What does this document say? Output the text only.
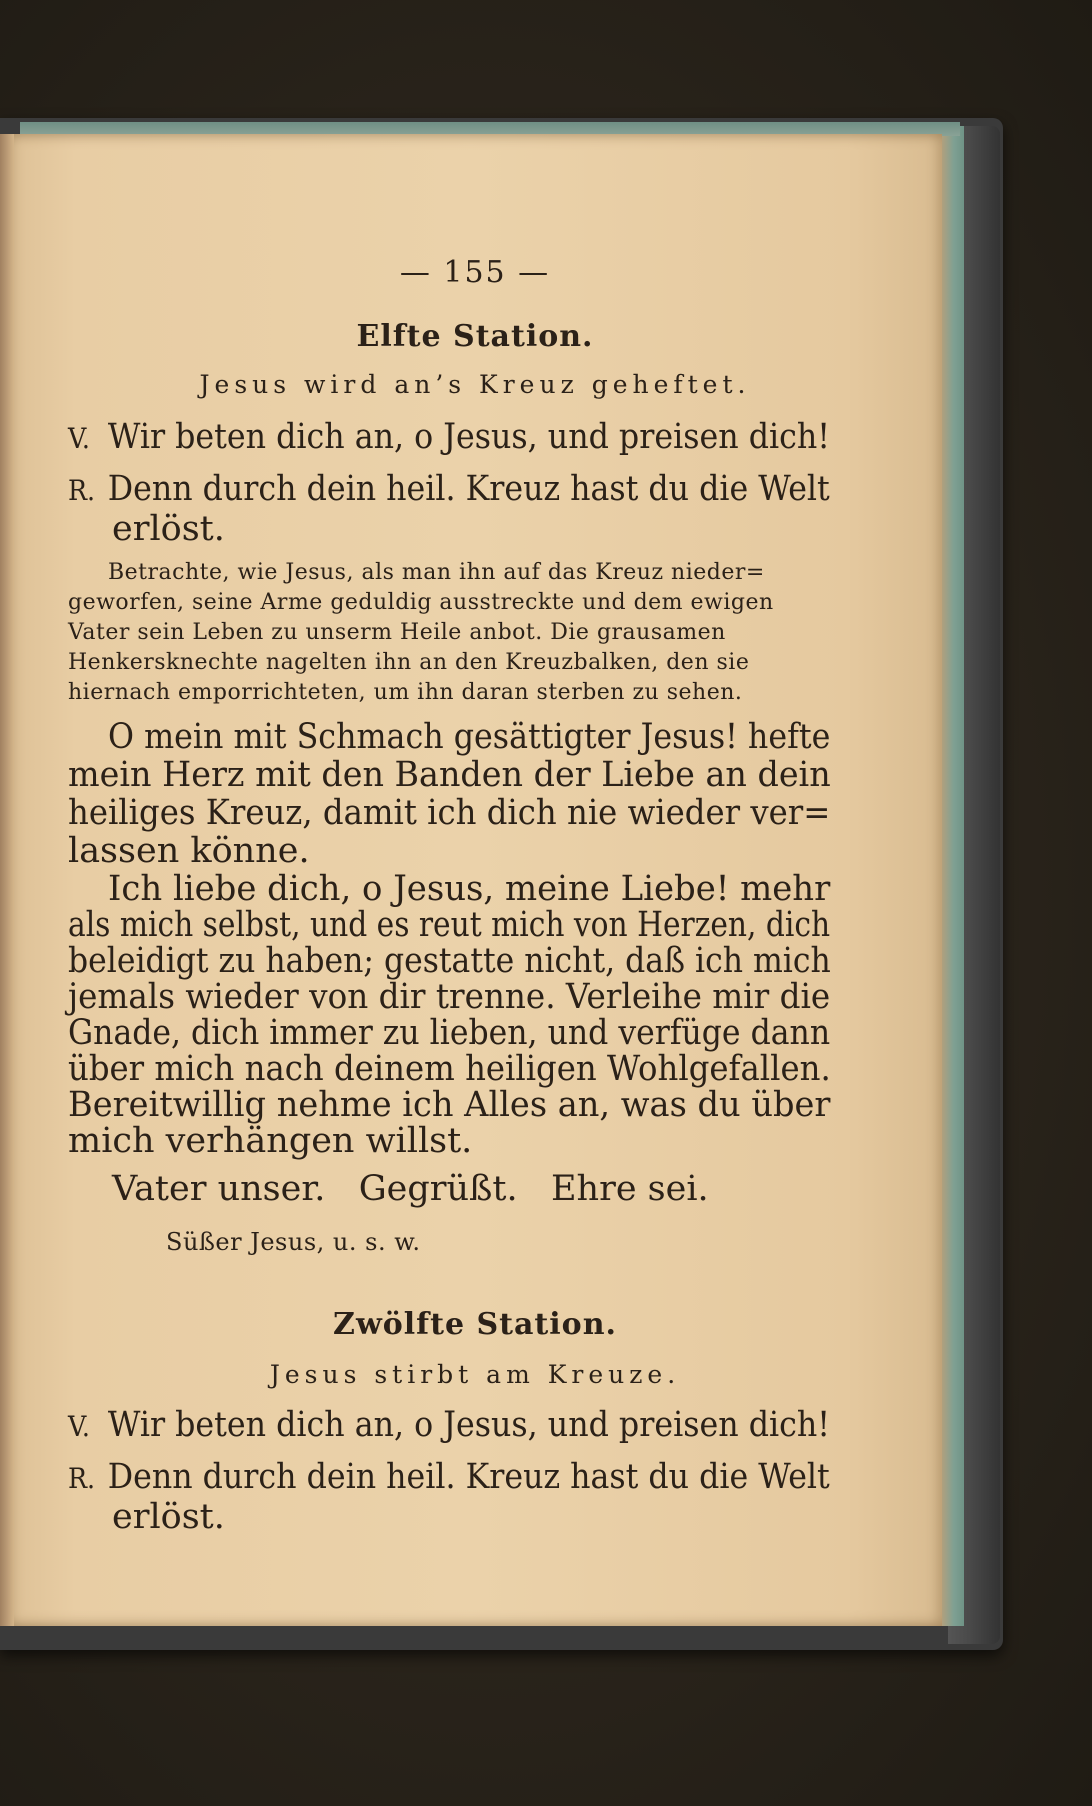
— 155 —
Elfte Station.
Jesus wird an’s Kreuz geheftet.
V. Wir beten dich an, o Jesus, und preisen dich!
R. Denn durch dein heil. Kreuz hast du die Welt
erlöst.
Betrachte, wie Jesus, als man ihn auf das Kreuz nieder=
geworfen, seine Arme geduldig ausstreckte und dem ewigen
Vater sein Leben zu unserm Heile anbot. Die grausamen
Henkersknechte nagelten ihn an den Kreuzbalken, den sie
hiernach emporrichteten, um ihn daran sterben zu sehen.
O mein mit Schmach gesättigter Jesus! hefte
mein Herz mit den Banden der Liebe an dein
heiliges Kreuz, damit ich dich nie wieder ver=
lassen könne.
Ich liebe dich, o Jesus, meine Liebe! mehr
als mich selbst, und es reut mich von Herzen, dich
beleidigt zu haben; gestatte nicht, daß ich mich
jemals wieder von dir trenne. Verleihe mir die
Gnade, dich immer zu lieben, und verfüge dann
über mich nach deinem heiligen Wohlgefallen.
Bereitwillig nehme ich Alles an, was du über
mich verhängen willst.
Vater unser.   Gegrüßt.   Ehre sei.
Süßer Jesus, u. s. w.
Zwölfte Station.
Jesus stirbt am Kreuze.
V. Wir beten dich an, o Jesus, und preisen dich!
R. Denn durch dein heil. Kreuz hast du die Welt
erlöst.
